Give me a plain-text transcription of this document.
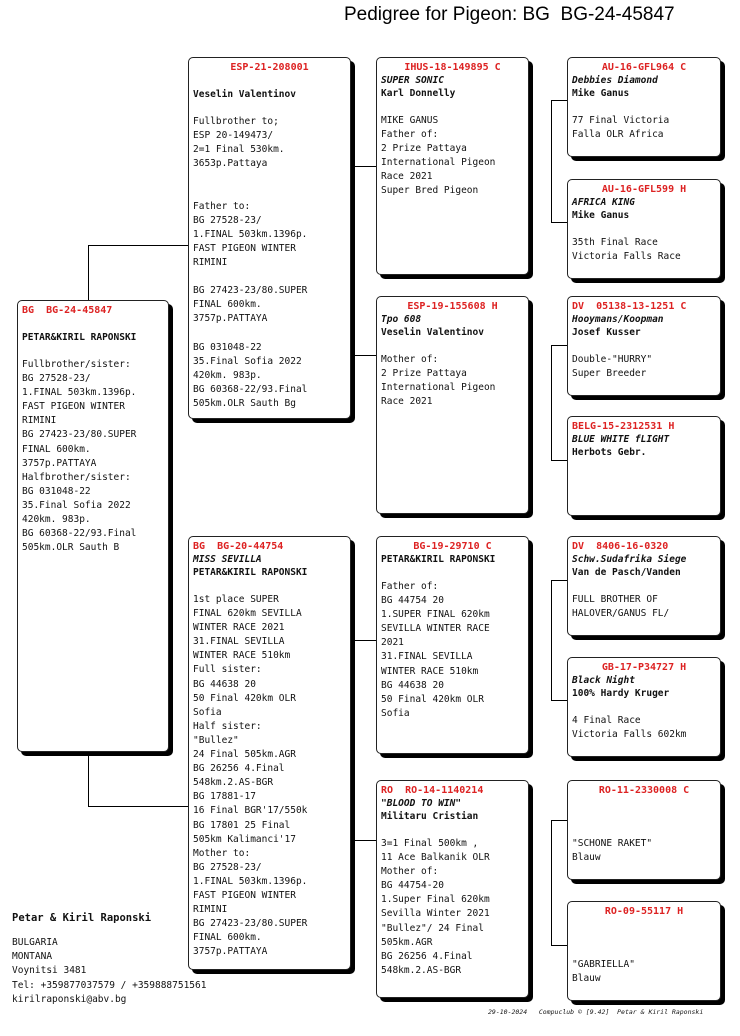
Pedigree for Pigeon: BG  BG-24-45847
BG  BG-24-45847
PETAR&KIRIL RAPONSKI
Fullbrother/sister:
BG 27528-23/
1.FINAL 503km.1396p.
FAST PIGEON WINTER
RIMINI
BG 27423-23/80.SUPER
FINAL 600km.
3757p.PATTAYA
Halfbrother/sister:
BG 031048-22
35.Final Sofia 2022
420km. 983p.
BG 60368-22/93.Final
505km.OLR Sauth B
ESP-21-208001
Veselin Valentinov
Fullbrother to;
ESP 20-149473/
2=1 Final 530km.
3653p.Pattaya

Father to:
BG 27528-23/
1.FINAL 503km.1396p.
FAST PIGEON WINTER
RIMINI

BG 27423-23/80.SUPER
FINAL 600km.
3757p.PATTAYA

BG 031048-22
35.Final Sofia 2022
420km. 983p.
BG 60368-22/93.Final
505km.OLR Sauth Bg
BG  BG-20-44754
MISS SEVILLA
PETAR&KIRIL RAPONSKI
1st place SUPER
FINAL 620km SEVILLA
WINTER RACE 2021
31.FINAL SEVILLA
WINTER RACE 510km
Full sister:
BG 44638 20
50 Final 420km OLR
Sofia
Half sister:
"Bullez"
24 Final 505km.AGR
BG 26256 4.Final
548km.2.AS-BGR
BG 17881-17
16 Final BGR'17/550k
BG 17801 25 Final
505km Kalimanci'17
Mother to:
BG 27528-23/
1.FINAL 503km.1396p.
FAST PIGEON WINTER
RIMINI
BG 27423-23/80.SUPER
FINAL 600km.
3757p.PATTAYA
IHUS-18-149895 C
SUPER SONIC
Karl Donnelly
MIKE GANUS
Father of:
2 Prize Pattaya
International Pigeon
Race 2021
Super Bred Pigeon
ESP-19-155608 H
Tpo 608
Veselin Valentinov
Mother of:
2 Prize Pattaya
International Pigeon
Race 2021
BG-19-29710 C
PETAR&KIRIL RAPONSKI
Father of:
BG 44754 20
1.SUPER FINAL 620km
SEVILLA WINTER RACE
2021
31.FINAL SEVILLA
WINTER RACE 510km
BG 44638 20
50 Final 420km OLR
Sofia
RO  RO-14-1140214
"BLOOD TO WIN"
Militaru Cristian
3=1 Final 500km ,
11 Ace Balkanik OLR
Mother of:
BG 44754-20
1.Super Final 620km
Sevilla Winter 2021
"Bullez"/ 24 Final
505km.AGR
BG 26256 4.Final
548km.2.AS-BGR
AU-16-GFL964 C
Debbies Diamond
Mike Ganus
77 Final Victoria
Falla OLR Africa
AU-16-GFL599 H
AFRICA KING
Mike Ganus
35th Final Race
Victoria Falls Race
DV  05138-13-1251 C
Hooymans/Koopman
Josef Kusser
Double-"HURRY"
Super Breeder
BELG-15-2312531 H
BLUE WHITE fLIGHT
Herbots Gebr.
DV  8406-16-0320
Schw.Sudafrika Siege
Van de Pasch/Vanden
FULL BROTHER OF
HALOVER/GANUS FL/
GB-17-P34727 H
Black Night
100% Hardy Kruger
4 Final Race
Victoria Falls 602km
RO-11-2330008 C
"SCHONE RAKET"
Blauw
RO-09-55117 H
"GABRIELLA"
Blauw
Petar & Kiril Raponski
BULGARIA
MONTANA
Voynitsi 3481
Tel: +359877037579 / +359888751561
kirilraponski@abv.bg
29-10-2024   Compuclub © [9.42]  Petar & Kiril Raponski
